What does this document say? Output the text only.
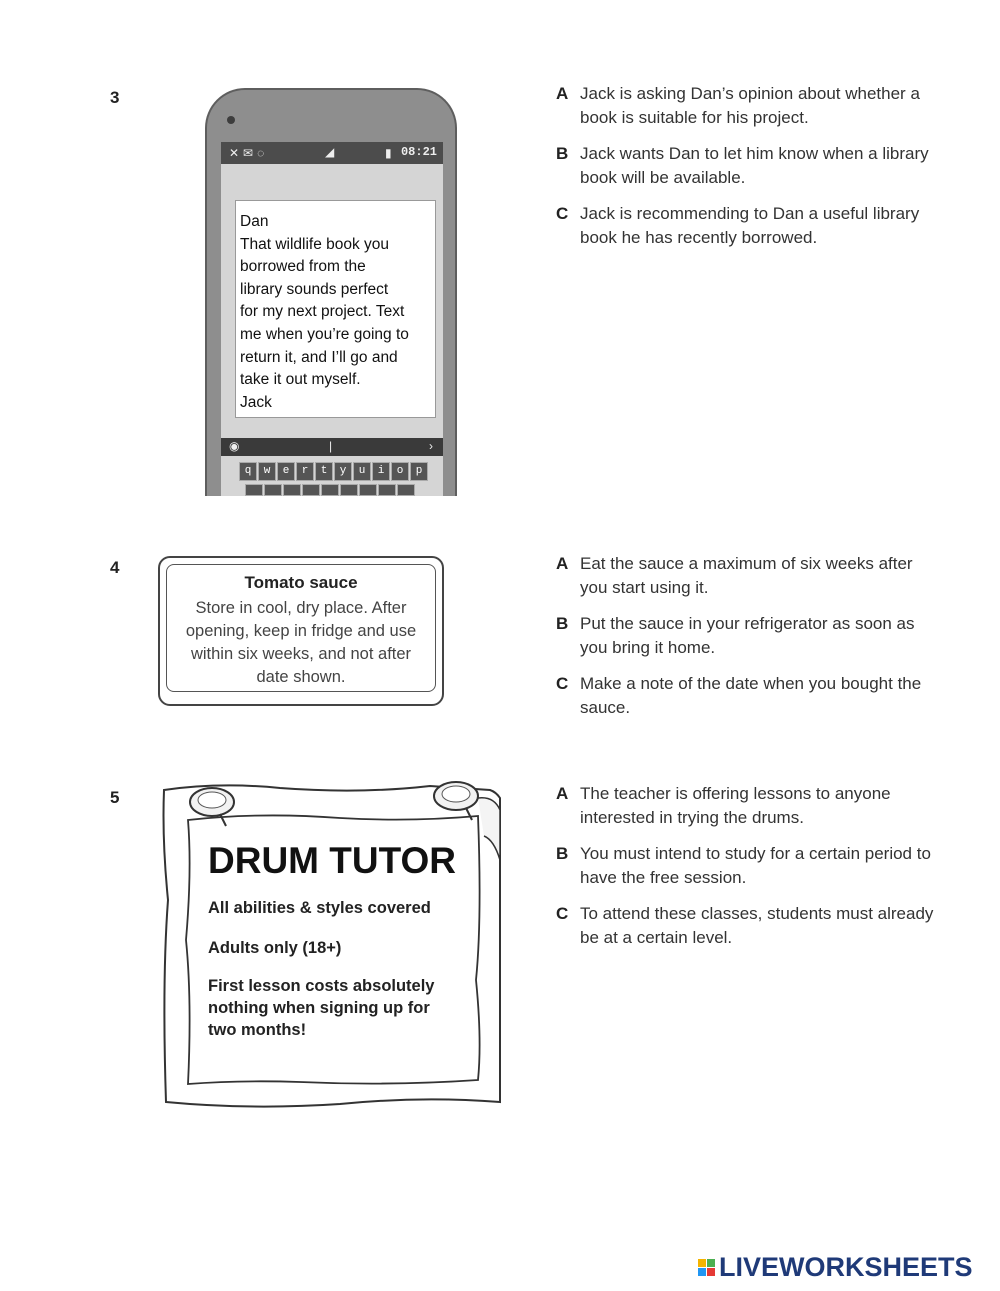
3
✕✉◌	◢	▮ 08:21
Dan
That wildlife book you
borrowed from the
library sounds perfect
for my next project. Text
me when you’re going to
return it, and I’ll go and
take it out myself.
Jack
◉	|	›
q	w	e	r	t	y	u	i	o	p
A Jack is asking Dan’s opinion about whether a book is suitable for his project.
B Jack wants Dan to let him know when a library book will be available.
C Jack is recommending to Dan a useful library book he has recently borrowed.
4
Tomato sauce
Store in cool, dry place. After
opening, keep in fridge and use
within six weeks, and not after
date shown.
A Eat the sauce a maximum of six weeks after you start using it.
B Put the sauce in your refrigerator as soon as you bring it home.
C Make a note of the date when you bought the sauce.
5
DRUM TUTOR
All abilities & styles covered
Adults only (18+)
First lesson costs absolutely
nothing when signing up for
two months!
A The teacher is offering lessons to anyone interested in trying the drums.
B You must intend to study for a certain period to have the free session.
C To attend these classes, students must already be at a certain level.
LIVEWORKSHEETS
